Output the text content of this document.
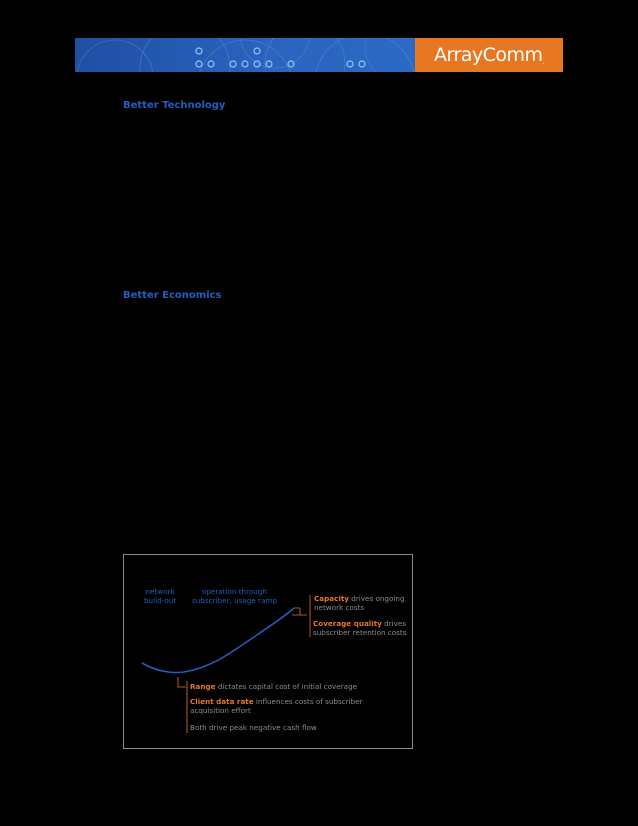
ArrayComm.
Better Technology
Better Economics
network
build-out
operation through
subscriber, usage ramp	Capacity drives ongoing
network costs
Coverage quality drives
subscriber retention costs
Range dictates capital cost of initial coverage
Client data rate influences costs of subscriber
acquisition effort
Both drive peak negative cash flow
